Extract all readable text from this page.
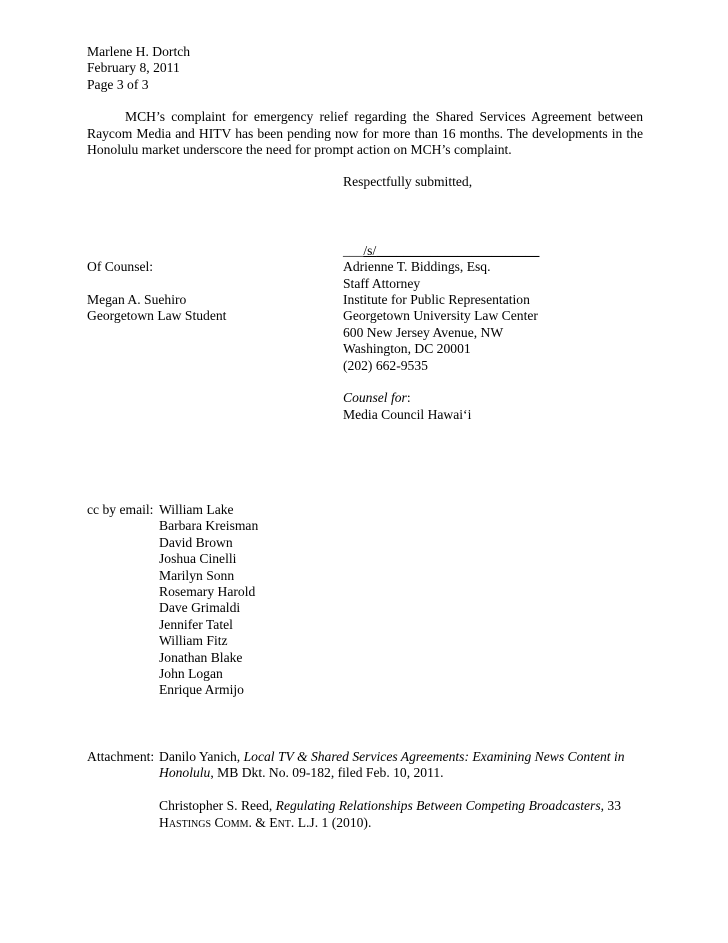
Marlene H. Dortch
February 8, 2011
Page 3 of 3
MCH’s complaint for emergency relief regarding the Shared Services Agreement between Raycom Media and HITV has been pending now for more than 16 months. The developments in the Honolulu market underscore the need for prompt action on MCH’s complaint.
Respectfully submitted,
___/s/________________________
Of Counsel:	Adrienne T. Biddings, Esq.
Staff Attorney
Megan A. Suehiro	Institute for Public Representation
Georgetown Law Student	Georgetown University Law Center
600 New Jersey Avenue, NW
Washington, DC 20001
(202) 662-9535
Counsel for:
Media Council Hawai‘i
cc by email: William Lake
Barbara Kreisman
David Brown
Joshua Cinelli
Marilyn Sonn
Rosemary Harold
Dave Grimaldi
Jennifer Tatel
William Fitz
Jonathan Blake
John Logan
Enrique Armijo
Attachment: Danilo Yanich, Local TV & Shared Services Agreements: Examining News Content in Honolulu, MB Dkt. No. 09-182, filed Feb. 10, 2011.
Christopher S. Reed, Regulating Relationships Between Competing Broadcasters, 33 Hastings Comm. & Ent. L.J. 1 (2010).
